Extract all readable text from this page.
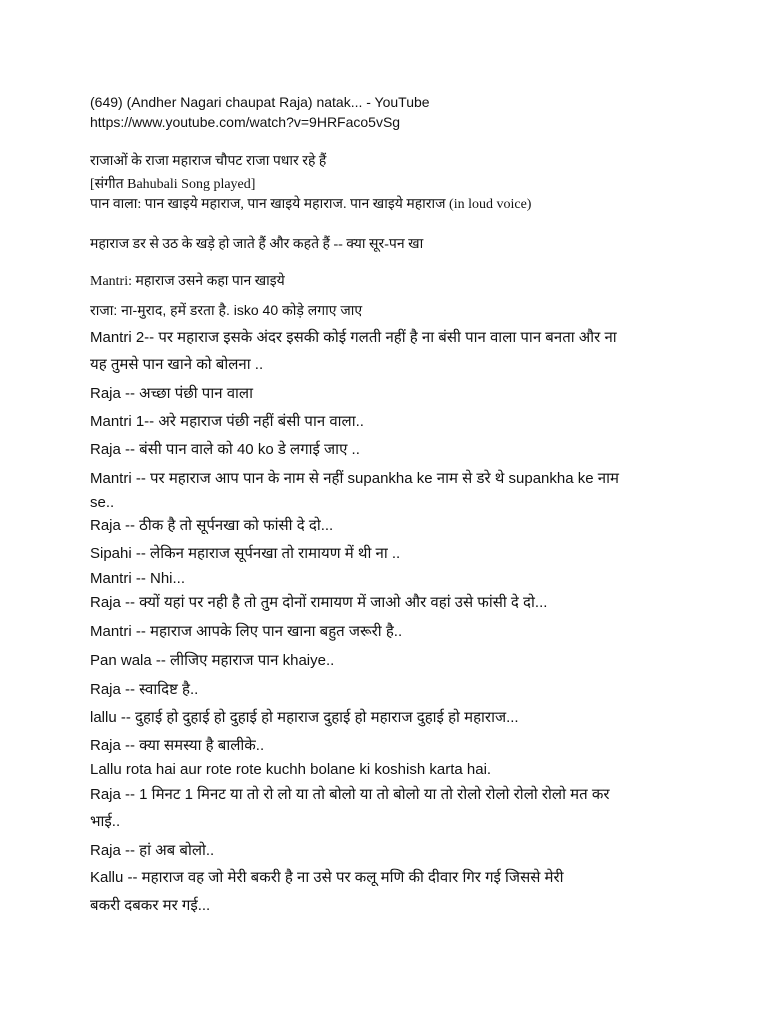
(649) (Andher Nagari chaupat Raja) natak... - YouTube
https://www.youtube.com/watch?v=9HRFaco5vSg
राजाओं के राजा महाराज चौपट राजा पधार रहे हैं
[संगीत Bahubali Song played]
पान वाला: पान खाइये महाराज, पान खाइये महाराज. पान खाइये महाराज (in loud voice)
महाराज डर से उठ के खड़े हो जाते हैं और कहते हैं -- क्या सूर-पन खा
Mantri: महाराज उसने कहा पान खाइये
राजा: ना-मुराद, हमें डरता है. isko 40 कोड़े लगाए जाए
Mantri 2-- पर महाराज इसके अंदर इसकी कोई गलती नहीं है ना बंसी पान वाला पान बनता और ना
यह तुमसे पान खाने को बोलना ..
Raja -- अच्छा पंछी पान वाला
Mantri 1-- अरे महाराज पंछी नहीं बंसी पान वाला..
Raja -- बंसी पान वाले को 40 ko डे लगाई जाए ..
Mantri -- पर महाराज आप पान के नाम से नहीं supankha ke नाम से डरे थे supankha ke नाम
se..
Raja -- ठीक है तो सूर्पनखा को फांसी दे दो...
Sipahi -- लेकिन महाराज सूर्पनखा तो रामायण में थी ना ..
Mantri -- Nhi...
Raja -- क्यों यहां पर नही है तो तुम दोनों रामायण में जाओ और वहां उसे फांसी दे दो...
Mantri -- महाराज आपके लिए पान खाना बहुत जरूरी है..
Pan wala -- लीजिए महाराज पान khaiye..
Raja -- स्वादिष्ट है..
lallu -- दुहाई हो दुहाई हो दुहाई हो महाराज दुहाई हो महाराज दुहाई हो महाराज...
Raja -- क्या समस्या है बालीके..
Lallu rota hai aur rote rote kuchh bolane ki koshish karta hai.
Raja -- 1 मिनट 1 मिनट या तो रो लो या तो बोलो या तो बोलो या तो रोलो रोलो रोलो रोलो मत कर
भाई..
Raja -- हां अब बोलो..
Kallu -- महाराज वह जो मेरी बकरी है ना उसे पर कलू मणि की दीवार गिर गई जिससे मेरी
बकरी दबकर मर गई...
